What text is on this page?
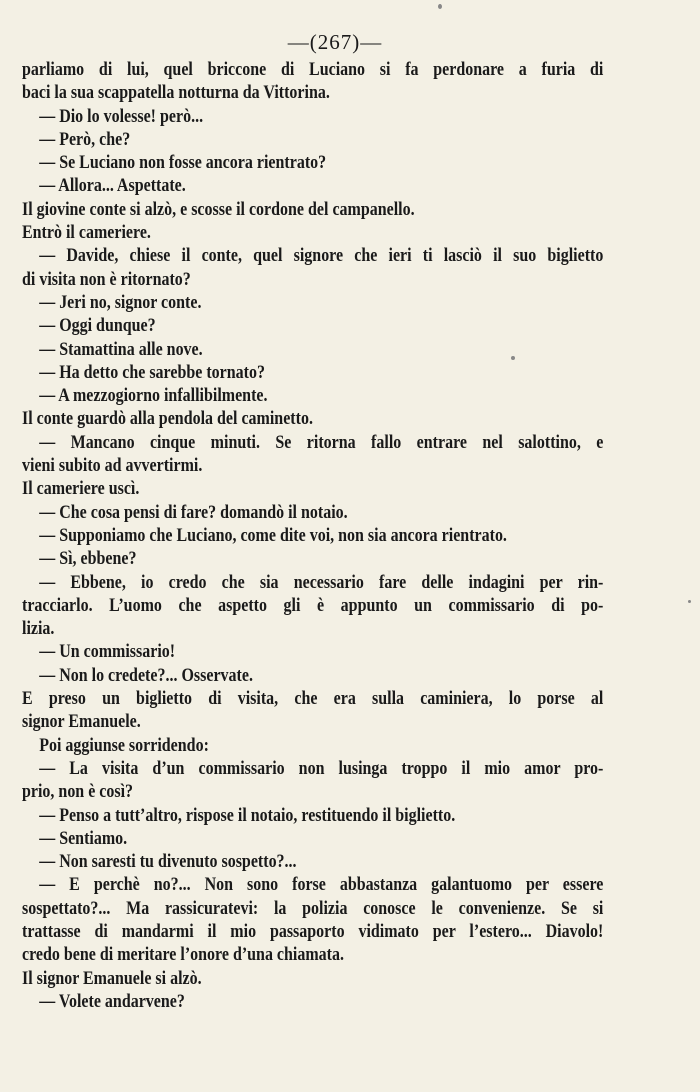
—(267)—
parliamo di lui, quel briccone di Luciano si fa perdonare a furia di
baci la sua scappatella notturna da Vittorina.
— Dio lo volesse! però...
— Però, che?
— Se Luciano non fosse ancora rientrato?
— Allora... Aspettate.
Il giovine conte si alzò, e scosse il cordone del campanello.
Entrò il cameriere.
— Davide, chiese il conte, quel signore che ieri ti lasciò il suo biglietto
di visita non è ritornato?
— Jeri no, signor conte.
— Oggi dunque?
— Stamattina alle nove.
— Ha detto che sarebbe tornato?
— A mezzogiorno infallibilmente.
Il conte guardò alla pendola del caminetto.
— Mancano cinque minuti. Se ritorna fallo entrare nel salottino, e
vieni subito ad avvertirmi.
Il cameriere uscì.
— Che cosa pensi di fare? domandò il notaio.
— Supponiamo che Luciano, come dite voi, non sia ancora rientrato.
— Sì, ebbene?
— Ebbene, io credo che sia necessario fare delle indagini per rin-
tracciarlo. L’uomo che aspetto gli è appunto un commissario di po-
lizia.
— Un commissario!
— Non lo credete?... Osservate.
E preso un biglietto di visita, che era sulla caminiera, lo porse al
signor Emanuele.
Poi aggiunse sorridendo:
— La visita d’un commissario non lusinga troppo il mio amor pro-
prio, non è così?
— Penso a tutt’altro, rispose il notaio, restituendo il biglietto.
— Sentiamo.
— Non saresti tu divenuto sospetto?...
— E perchè no?... Non sono forse abbastanza galantuomo per essere
sospettato?... Ma rassicuratevi: la polizia conosce le convenienze. Se si
trattasse di mandarmi il mio passaporto vidimato per l’estero... Diavolo!
credo bene di meritare l’onore d’una chiamata.
Il signor Emanuele si alzò.
— Volete andarvene?
